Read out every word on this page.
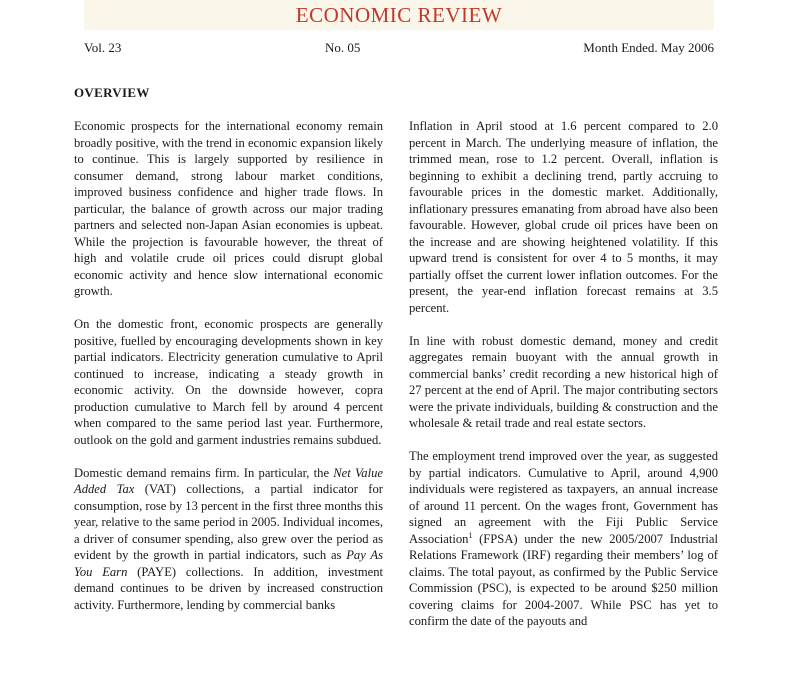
ECONOMIC REVIEW
Vol. 23	No. 05	Month Ended. May 2006
OVERVIEW

Economic prospects for the international economy remain broadly positive, with the trend in economic expansion likely to continue. This is largely supported by resilience in consumer demand, strong labour market conditions, improved business confidence and higher trade flows. In particular, the balance of growth across our major trading partners and selected non-Japan Asian economies is upbeat. While the projection is favourable however, the threat of high and volatile crude oil prices could disrupt global economic activity and hence slow international economic growth.

On the domestic front, economic prospects are generally positive, fuelled by encouraging developments shown in key partial indicators. Electricity generation cumulative to April continued to increase, indicating a steady growth in economic activity. On the downside however, copra production cumulative to March fell by around 4 percent when compared to the same period last year. Furthermore, outlook on the gold and garment industries remains subdued.

Domestic demand remains firm. In particular, the Net Value Added Tax (VAT) collections, a partial indicator for consumption, rose by 13 percent in the first three months this year, relative to the same period in 2005. Individual incomes, a driver of consumer spending, also grew over the period as evident by the growth in partial indicators, such as Pay As You Earn (PAYE) collections. In addition, investment demand continues to be driven by increased construction activity. Furthermore, lending by commercial banks

Inflation in April stood at 1.6 percent compared to 2.0 percent in March. The underlying measure of inflation, the trimmed mean, rose to 1.2 percent. Overall, inflation is beginning to exhibit a declining trend, partly accruing to favourable prices in the domestic market. Additionally, inflationary pressures emanating from abroad have also been favourable. However, global crude oil prices have been on the increase and are showing heightened volatility. If this upward trend is consistent for over 4 to 5 months, it may partially offset the current lower inflation outcomes. For the present, the year-end inflation forecast remains at 3.5 percent.

In line with robust domestic demand, money and credit aggregates remain buoyant with the annual growth in commercial banks’ credit recording a new historical high of 27 percent at the end of April. The major contributing sectors were the private individuals, building & construction and the wholesale & retail trade and real estate sectors.

The employment trend improved over the year, as suggested by partial indicators. Cumulative to April, around 4,900 individuals were registered as taxpayers, an annual increase of around 11 percent. On the wages front, Government has signed an agreement with the Fiji Public Service Association$^1$ (FPSA) under the new 2005/2007 Industrial Relations Framework (IRF) regarding their members’ log of claims. The total payout, as confirmed by the Public Service Commission (PSC), is expected to be around $250 million covering claims for 2004-2007. While PSC has yet to confirm the date of the payouts and
